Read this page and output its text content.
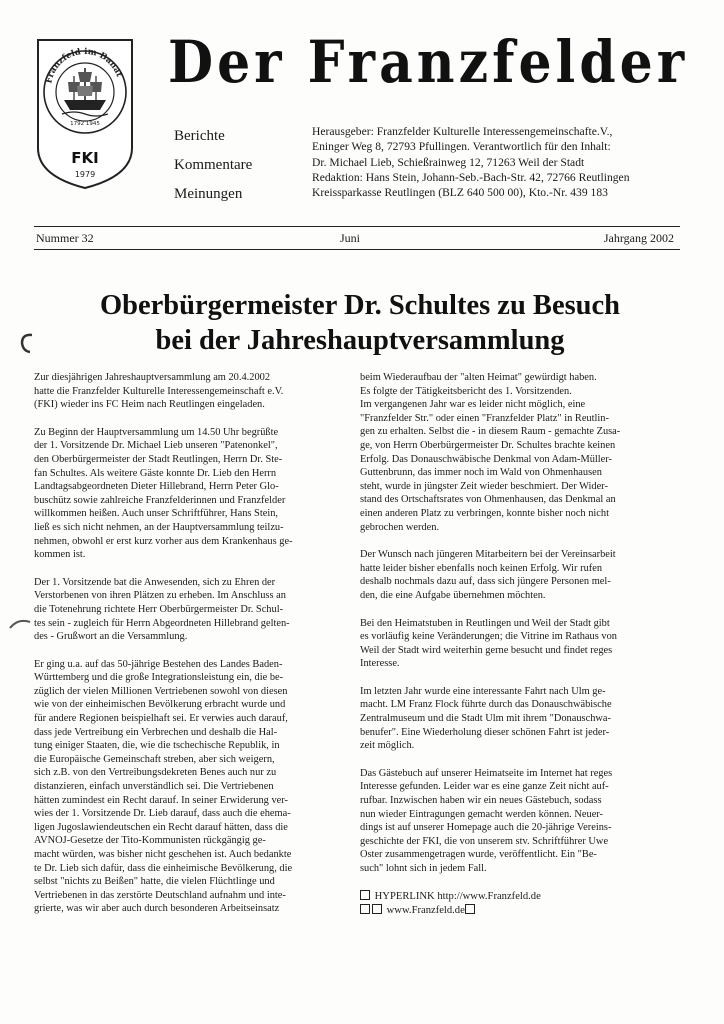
Franzfeld im Banat
1792 1945
FKI
1979
Der Franzfelder
Berichte
Kommentare
Meinungen
Herausgeber: Franzfelder Kulturelle Interessengemeinschafte.V.,
Eninger Weg 8, 72793 Pfullingen. Verantwortlich für den Inhalt:
Dr. Michael Lieb, Schießrainweg 12, 71263 Weil der Stadt
Redaktion: Hans Stein, Johann-Seb.-Bach-Str. 42, 72766 Reutlingen
Kreissparkasse Reutlingen (BLZ 640 500 00), Kto.-Nr. 439 183
Nummer 32	Juni	Jahrgang 2002
Oberbürgermeister Dr. Schultes zu Besuch
bei der Jahreshauptversammlung
Zur diesjährigen Jahreshauptversammlung am 20.4.2002
hatte die Franzfelder Kulturelle Interessengemeinschaft e.V.
(FKI) wieder ins FC Heim nach Reutlingen eingeladen.
Zu Beginn der Hauptversammlung um 14.50 Uhr begrüßte
der 1. Vorsitzende Dr. Michael Lieb unseren "Patenonkel",
den Oberbürgermeister der Stadt Reutlingen, Herrn Dr. Ste-
fan Schultes. Als weitere Gäste konnte Dr. Lieb den Herrn
Landtagsabgeordneten Dieter Hillebrand, Herrn Peter Glo-
buschütz sowie zahlreiche Franzfelderinnen und Franzfelder
willkommen heißen. Auch unser Schriftführer, Hans Stein,
ließ es sich nicht nehmen, an der Hauptversammlung teilzu-
nehmen, obwohl er erst kurz vorher aus dem Krankenhaus ge-
kommen ist.
Der 1. Vorsitzende bat die Anwesenden, sich zu Ehren der
Verstorbenen von ihren Plätzen zu erheben. Im Anschluss an
die Totenehrung richtete Herr Oberbürgermeister Dr. Schul-
tes sein - zugleich für Herrn Abgeordneten Hillebrand gelten-
des - Grußwort an die Versammlung.
Er ging u.a. auf das 50-jährige Bestehen des Landes Baden-
Württemberg und die große Integrationsleistung ein, die be-
züglich der vielen Millionen Vertriebenen sowohl von diesen
wie von der einheimischen Bevölkerung erbracht wurde und
für andere Regionen beispielhaft sei. Er verwies auch darauf,
dass jede Vertreibung ein Verbrechen und deshalb die Hal-
tung einiger Staaten, die, wie die tschechische Republik, in
die Europäische Gemeinschaft streben, aber sich weigern,
sich z.B. von den Vertreibungsdekreten Benes auch nur zu
distanzieren, einfach unverständlich sei. Die Vertriebenen
hätten zumindest ein Recht darauf. In seiner Erwiderung ver-
wies der 1. Vorsitzende Dr. Lieb darauf, dass auch die ehema-
ligen Jugoslawiendeutschen ein Recht darauf hätten, dass die
AVNOJ-Gesetze der Tito-Kommunisten rückgängig ge-
macht würden, was bisher nicht geschehen ist. Auch bedankte
te Dr. Lieb sich dafür, dass die einheimische Bevölkerung, die
selbst "nichts zu Beißen" hatte, die vielen Flüchtlinge und
Vertriebenen in das zerstörte Deutschland aufnahm und inte-
grierte, was wir aber auch durch besonderen Arbeitseinsatz
beim Wiederaufbau der "alten Heimat" gewürdigt haben.
Es folgte der Tätigkeitsbericht des 1. Vorsitzenden.
Im vergangenen Jahr war es leider nicht möglich, eine
"Franzfelder Str." oder einen "Franzfelder Platz" in Reutlin-
gen zu erhalten. Selbst die - in diesem Raum - gemachte Zusa-
ge, von Herrn Oberbürgermeister Dr. Schultes brachte keinen
Erfolg. Das Donauschwäbische Denkmal von Adam-Müller-
Guttenbrunn, das immer noch im Wald von Ohmenhausen
steht, wurde in jüngster Zeit wieder beschmiert. Der Wider-
stand des Ortschaftsrates von Ohmenhausen, das Denkmal an
einen anderen Platz zu verbringen, konnte bisher noch nicht
gebrochen werden.
Der Wunsch nach jüngeren Mitarbeitern bei der Vereinsarbeit
hatte leider bisher ebenfalls noch keinen Erfolg. Wir rufen
deshalb nochmals dazu auf, dass sich jüngere Personen mel-
den, die eine Aufgabe übernehmen möchten.
Bei den Heimatstuben in Reutlingen und Weil der Stadt gibt
es vorläufig keine Veränderungen; die Vitrine im Rathaus von
Weil der Stadt wird weiterhin gerne besucht und findet reges
Interesse.
Im letzten Jahr wurde eine interessante Fahrt nach Ulm ge-
macht. LM Franz Flock führte durch das Donauschwäbische
Zentralmuseum und die Stadt Ulm mit ihrem "Donauschwa-
benufer". Eine Wiederholung dieser schönen Fahrt ist jeder-
zeit möglich.
Das Gästebuch auf unserer Heimatseite im Internet hat reges
Interesse gefunden. Leider war es eine ganze Zeit nicht auf-
rufbar. Inzwischen haben wir ein neues Gästebuch, sodass
nun wieder Eintragungen gemacht werden können. Neuer-
dings ist auf unserer Homepage auch die 20-jährige Vereins-
geschichte der FKI, die von unserem stv. Schriftführer Uwe
Oster zusammengetragen wurde, veröffentlicht. Ein "Be-
such" lohnt sich in jedem Fall.
HYPERLINK http://www.Franzfeld.de
www.Franzfeld.de
